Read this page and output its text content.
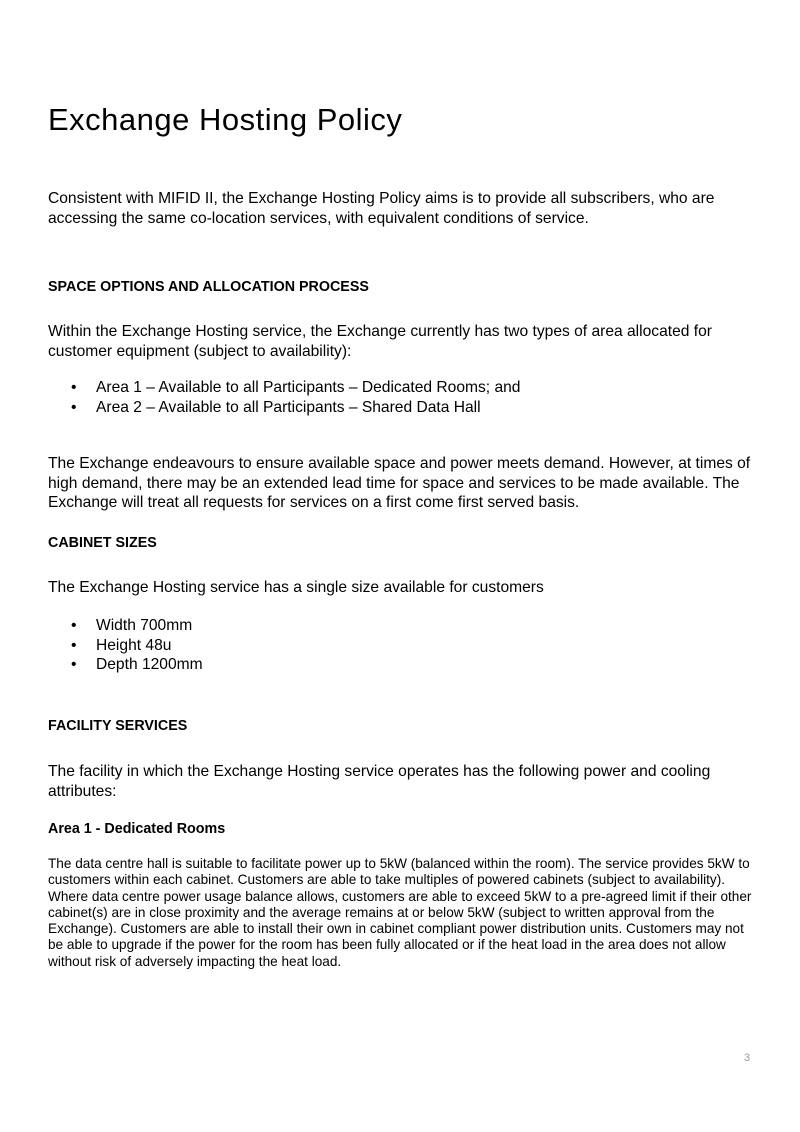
Exchange Hosting Policy

Consistent with MIFID II, the Exchange Hosting Policy aims is to provide all subscribers, who are accessing the same co-location services, with equivalent conditions of service.

SPACE OPTIONS AND ALLOCATION PROCESS

Within the Exchange Hosting service, the Exchange currently has two types of area allocated for customer equipment (subject to availability):

• Area 1 – Available to all Participants – Dedicated Rooms; and
• Area 2 – Available to all Participants – Shared Data Hall

The Exchange endeavours to ensure available space and power meets demand. However, at times of high demand, there may be an extended lead time for space and services to be made available. The Exchange will treat all requests for services on a first come first served basis.

CABINET SIZES

The Exchange Hosting service has a single size available for customers

• Width 700mm
• Height 48u
• Depth 1200mm
FACILITY SERVICES

The facility in which the Exchange Hosting service operates has the following power and cooling attributes:

Area 1 - Dedicated Rooms

The data centre hall is suitable to facilitate power up to 5kW (balanced within the room). The service provides 5kW to customers within each cabinet. Customers are able to take multiples of powered cabinets (subject to availability). Where data centre power usage balance allows, customers are able to exceed 5kW to a pre-agreed limit if their other cabinet(s) are in close proximity and the average remains at or below 5kW (subject to written approval from the Exchange). Customers are able to install their own in cabinet compliant power distribution units. Customers may not be able to upgrade if the power for the room has been fully allocated or if the heat load in the area does not allow without risk of adversely impacting the heat load.

3
